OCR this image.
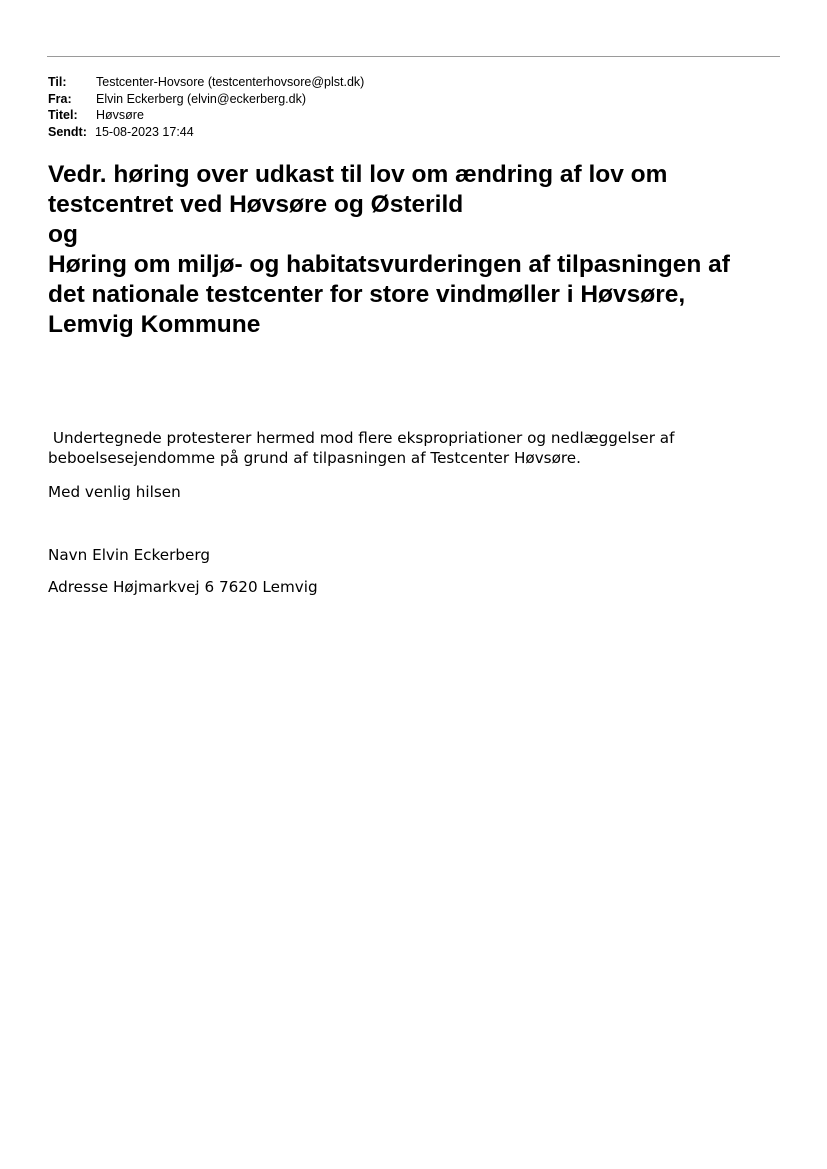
Til:	Testcenter-Hovsore (testcenterhovsore@plst.dk)
Fra:	Elvin Eckerberg (elvin@eckerberg.dk)
Titel:	Høvsøre
Sendt: 15-08-2023 17:44
Vedr. høring over udkast til lov om ændring af lov om
testcentret ved Høvsøre og Østerild
og
Høring om miljø- og habitatsvurderingen af tilpasningen af
det nationale testcenter for store vindmøller i Høvsøre,
Lemvig Kommune

Undertegnede protesterer hermed mod flere ekspropriationer og nedlæggelser af

beboelsesejendomme på grund af tilpasningen af Testcenter Høvsøre.

Med venlig hilsen

Navn Elvin Eckerberg

Adresse Højmarkvej 6 7620 Lemvig
